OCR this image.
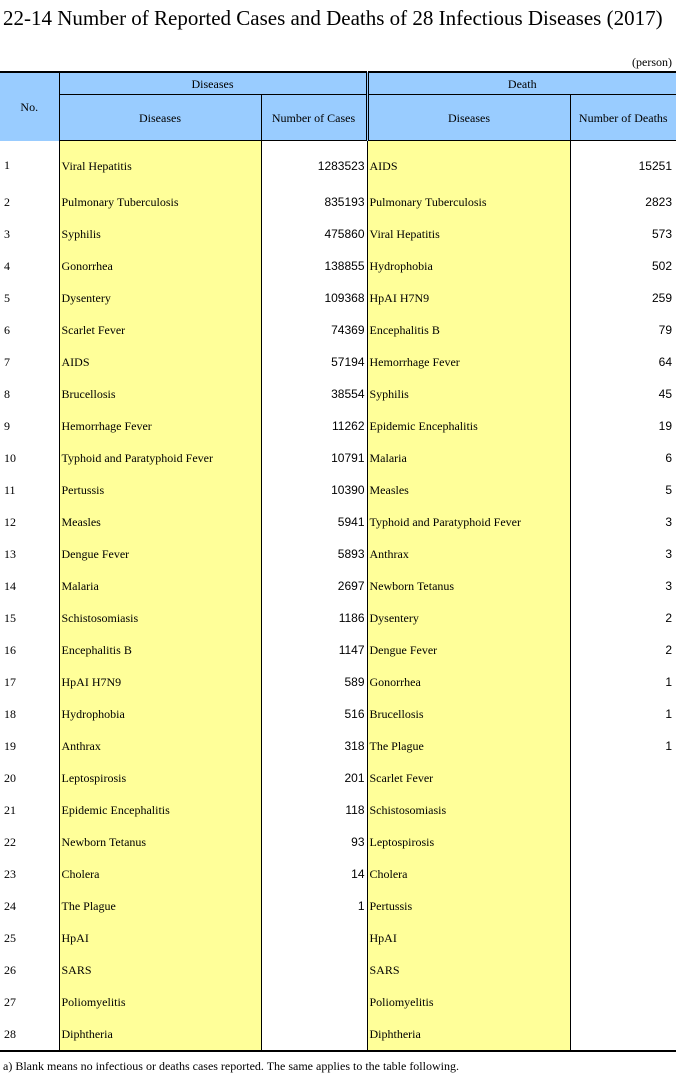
22-14 Number of Reported Cases and Deaths of 28 Infectious Diseases (2017)
(person)
No.	Diseases		Death	
	Diseases	Number of Cases	Diseases	Number of Deaths
1	Viral Hepatitis	1283523	AIDS	15251
2	Pulmonary Tuberculosis	835193	Pulmonary Tuberculosis	2823
3	Syphilis	475860	Viral Hepatitis	573
4	Gonorrhea	138855	Hydrophobia	502
5	Dysentery	109368	HpAI H7N9	259
6	Scarlet Fever	74369	Encephalitis B	79
7	AIDS	57194	Hemorrhage Fever	64
8	Brucellosis	38554	Syphilis	45
9	Hemorrhage Fever	11262	Epidemic Encephalitis	19
10	Typhoid and Paratyphoid Fever	10791	Malaria	6
11	Pertussis	10390	Measles	5
12	Measles	5941	Typhoid and Paratyphoid Fever	3
13	Dengue Fever	5893	Anthrax	3
14	Malaria	2697	Newborn Tetanus	3
15	Schistosomiasis	1186	Dysentery	2
16	Encephalitis B	1147	Dengue Fever	2
17	HpAI H7N9	589	Gonorrhea	1
18	Hydrophobia	516	Brucellosis	1
19	Anthrax	318	The Plague	1
20	Leptospirosis	201	Scarlet Fever	
21	Epidemic Encephalitis	118	Schistosomiasis	
22	Newborn Tetanus	93	Leptospirosis	
23	Cholera	14	Cholera	
24	The Plague	1	Pertussis	
25	HpAI		HpAI	
26	SARS		SARS	
27	Poliomyelitis		Poliomyelitis	
28	Diphtheria		Diphtheria	
a) Blank means no infectious or deaths cases reported. The same applies to the table following.
